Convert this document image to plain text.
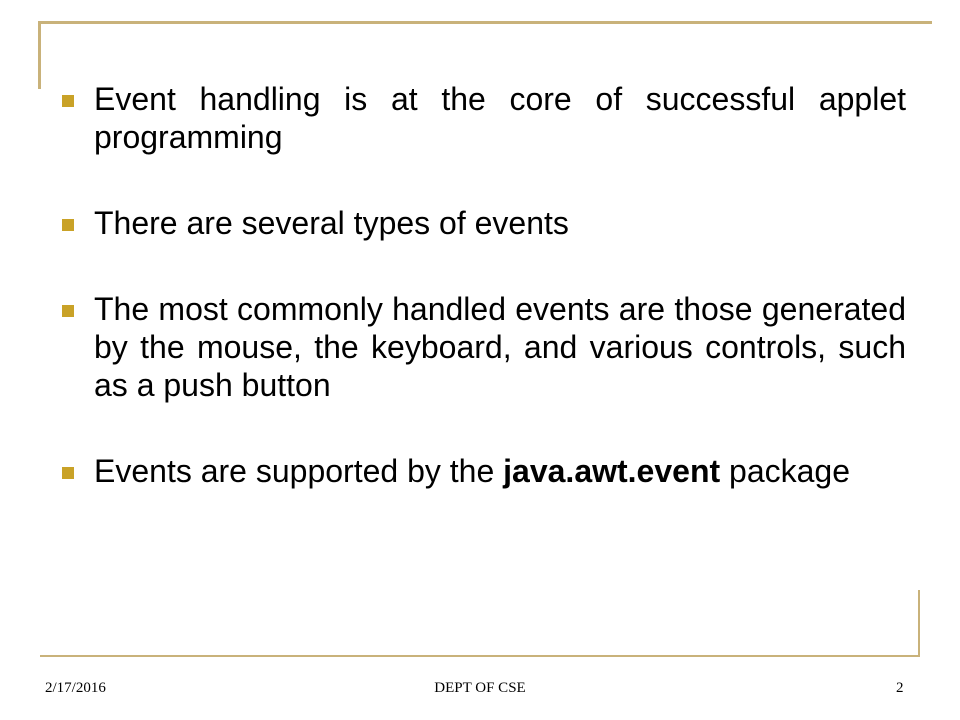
Event handling is at the core of successful applet programming
There are several types of events
The most commonly handled events are those generated by the mouse, the keyboard, and various controls, such as a push button
Events are supported by the java.awt.event package
2/17/2016	DEPT OF CSE	2
